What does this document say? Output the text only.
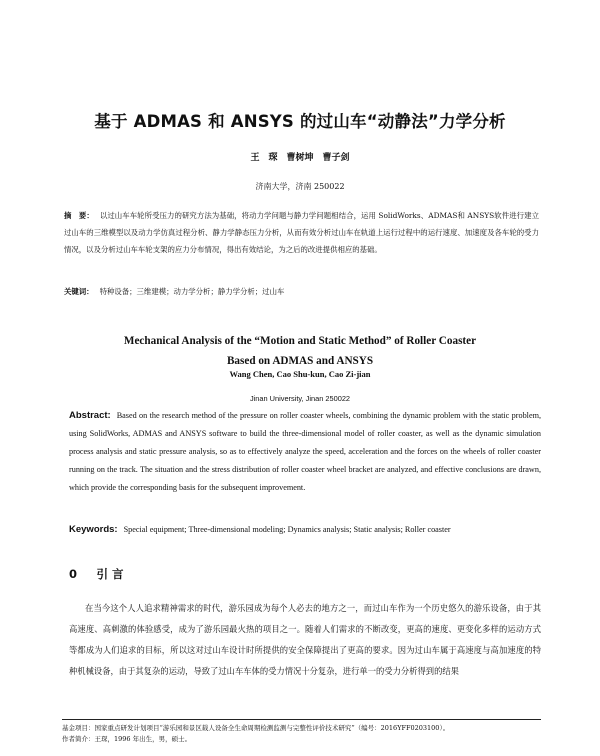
基于 ADMAS 和 ANSYS 的过山车“动静法”力学分析
王　琛　曹树坤　曹子剑
济南大学，济南 250022
摘　要： 以过山车车轮所受压力的研究方法为基础，将动力学问题与静力学问题相结合，运用 SolidWorks、ADMAS和 ANSYS软件进行建立过山车的三维模型以及动力学仿真过程分析、静力学静态压力分析，从而有效分析过山车在轨道上运行过程中的运行速度、加速度及各车轮的受力情况，以及分析过山车车轮支架的应力分布情况，得出有效结论，为之后的改进提供相应的基础。
关键词： 特种设备；三维建模；动力学分析；静力学分析；过山车
Mechanical Analysis of the “Motion and Static Method” of Roller Coaster
Based on ADMAS and ANSYS
Wang Chen, Cao Shu-kun, Cao Zi-jian
Jinan University, Jinan 250022
Abstract: Based on the research method of the pressure on roller coaster wheels, combining the dynamic problem with the static problem, using SolidWorks, ADMAS and ANSYS software to build the three-dimensional model of roller coaster, as well as the dynamic simulation process analysis and static pressure analysis, so as to effectively analyze the speed, acceleration and the forces on the wheels of roller coaster running on the track. The situation and the stress distribution of roller coaster wheel bracket are analyzed, and effective conclusions are drawn, which provide the corresponding basis for the subsequent improvement.
Keywords: Special equipment; Three-dimensional modeling; Dynamics analysis; Static analysis; Roller coaster
0　引言
在当今这个人人追求精神需求的时代，游乐园成为每个人必去的地方之一，而过山车作为一个历史悠久的游乐设备，由于其高速度、高刺激的体验感受，成为了游乐园最火热的项目之一。随着人们需求的不断改变，更高的速度、更变化多样的运动方式等都成为人们追求的目标，所以这对过山车设计时所提供的安全保障提出了更高的要求。因为过山车属于高速度与高加速度的特种机械设备，由于其复杂的运动，导致了过山车车体的受力情况十分复杂，进行单一的受力分析得到的结果
基金项目：国家重点研发计划项目“游乐园和景区载人设备全生命周期检测监测与完整性评价技术研究”（编号：2016YFF0203100）。
作者简介：王琛，1996 年出生，男，硕士。
